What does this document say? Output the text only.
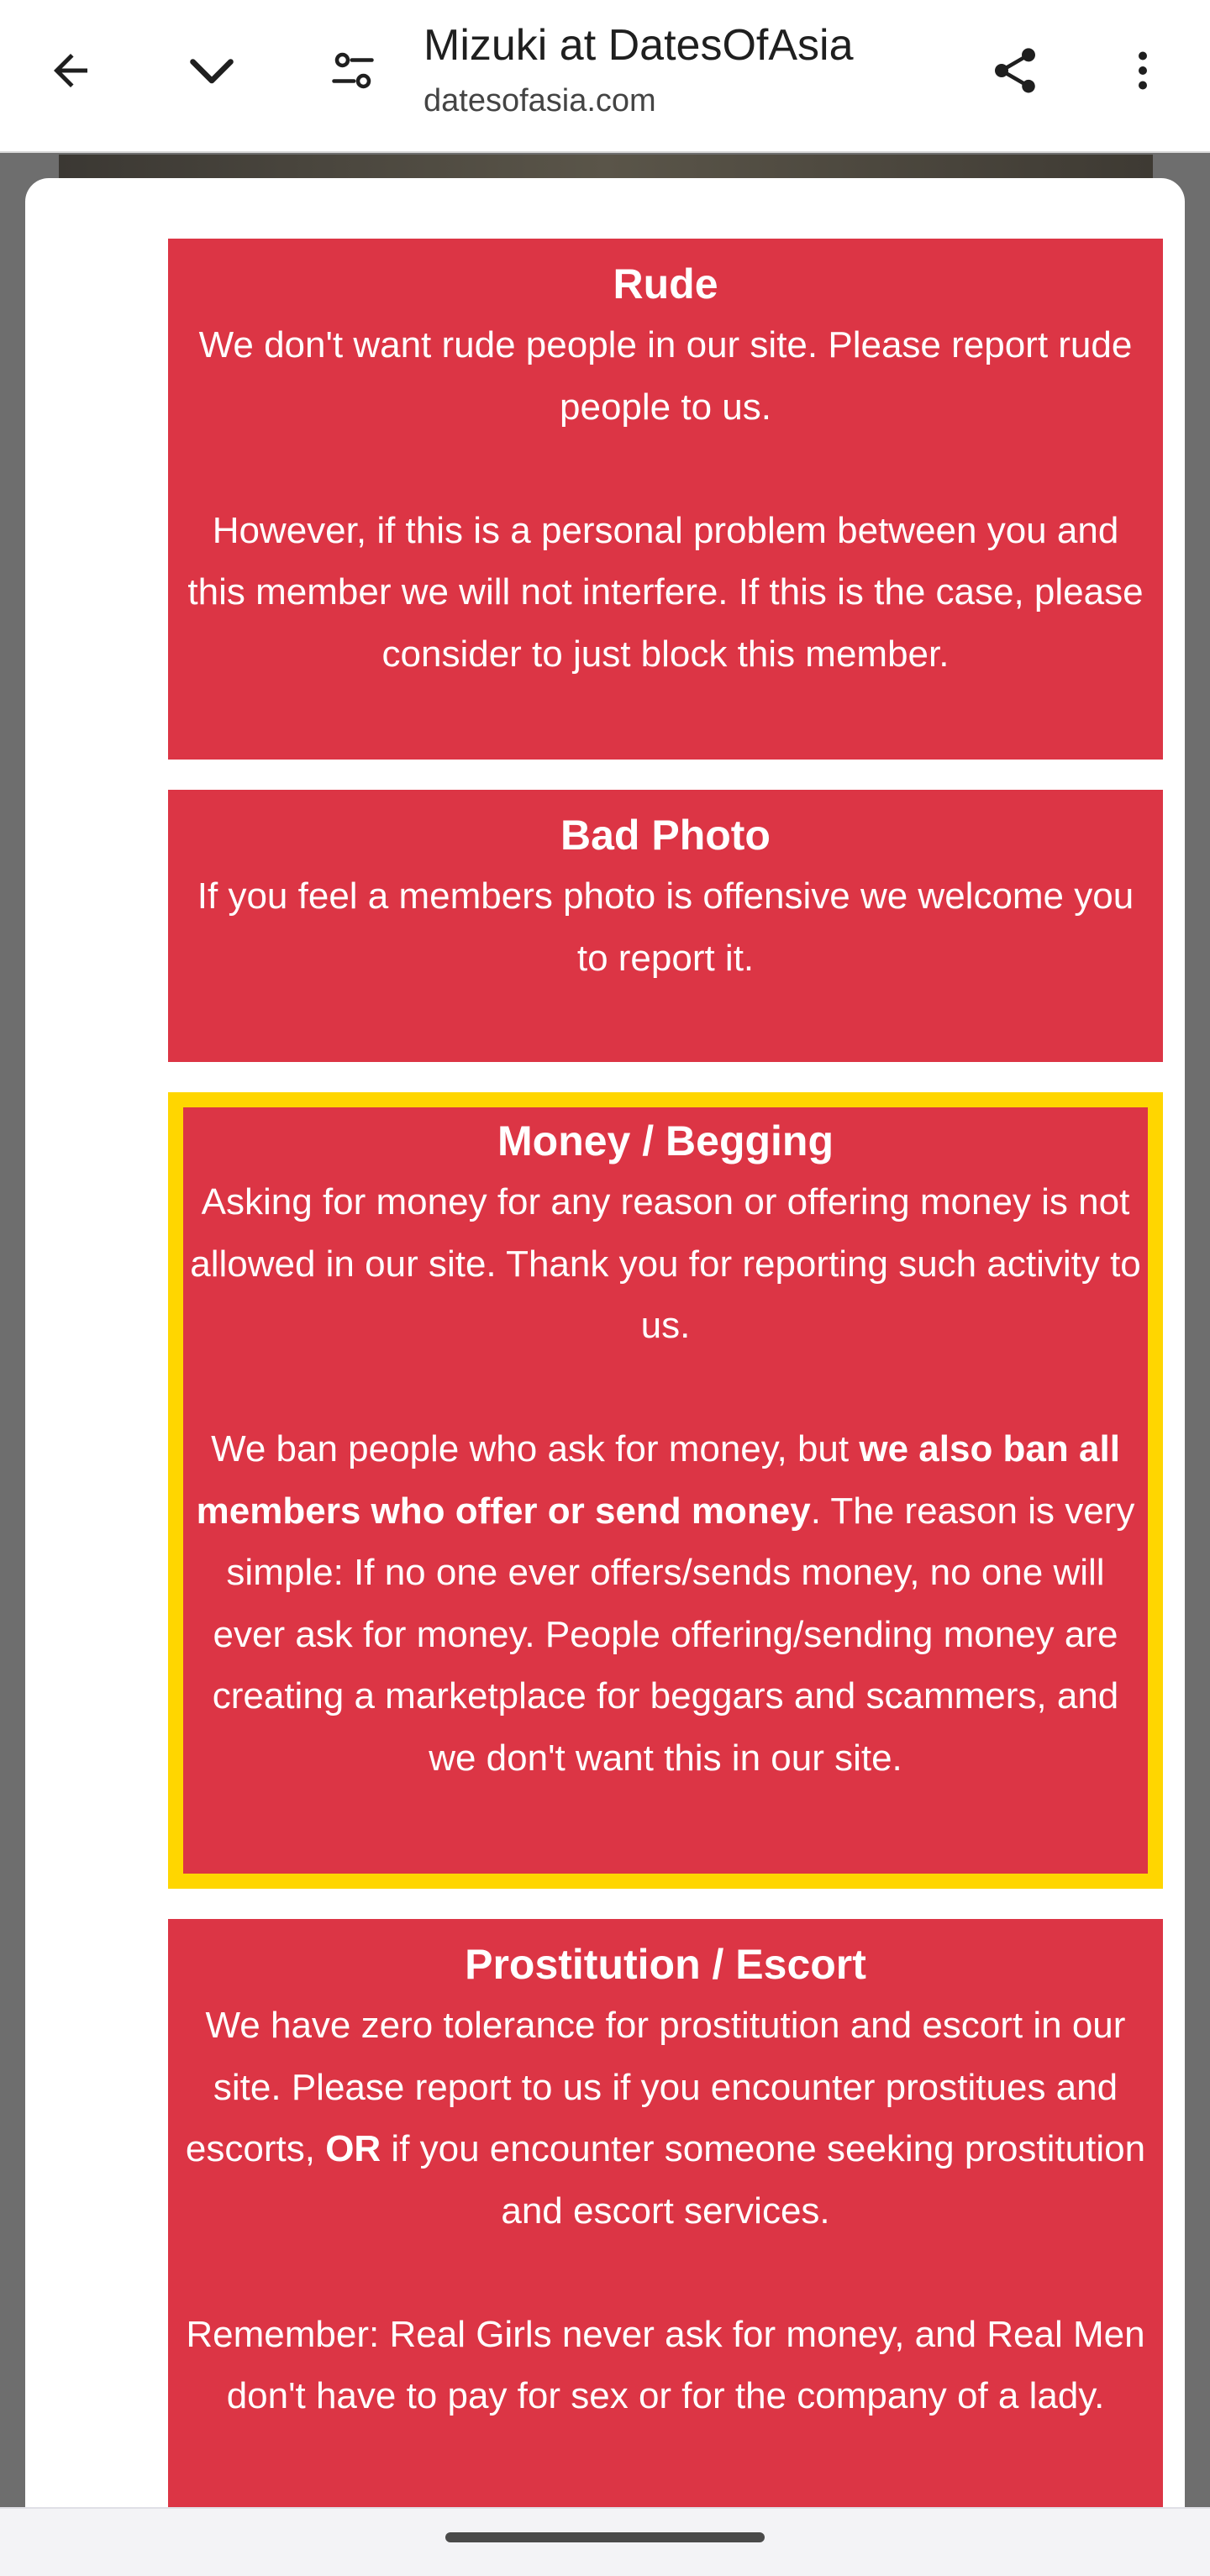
Mizuki at DatesOfAsia
datesofasia.com

Rude

We don't want rude people in our site. Please report rude people to us.

However, if this is a personal problem between you and this member we will not interfere. If this is the case, please consider to just block this member.

Bad Photo

If you feel a members photo is offensive we welcome you to report it.

Money / Begging

Asking for money for any reason or offering money is not allowed in our site. Thank you for reporting such activity to us.

We ban people who ask for money, but we also ban all members who offer or send money. The reason is very simple: If no one ever offers/sends money, no one will ever ask for money. People offering/sending money are creating a marketplace for beggars and scammers, and we don't want this in our site.

Prostitution / Escort

We have zero tolerance for prostitution and escort in our site. Please report to us if you encounter prostitues and escorts, OR if you encounter someone seeking prostitution and escort services.

Remember: Real Girls never ask for money, and Real Men don't have to pay for sex or for the company of a lady.
